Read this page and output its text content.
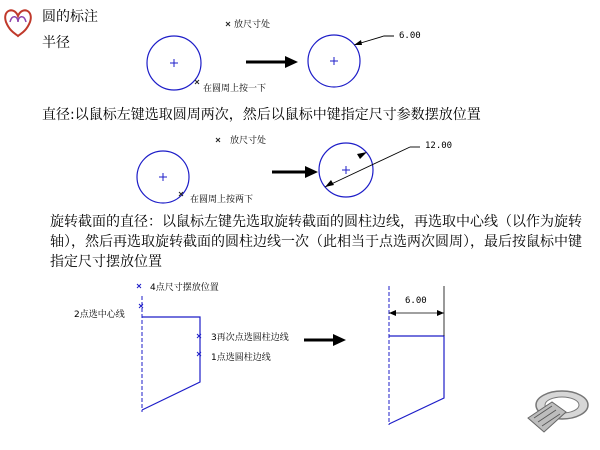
圆的标注
半径
放尺寸处
在圆周上按一下
6.00
直径:以鼠标左键选取圆周两次，然后以鼠标中键指定尺寸参数摆放位置
放尺寸处
在圆周上按两下
12.00
旋转截面的直径：以鼠标左键先选取旋转截面的圆柱边线，再选取中心线（以作为旋转轴），然后再选取旋转截面的圆柱边线一次（此相当于点选两次圆周），最后按鼠标中键指定尺寸摆放位置
4点尺寸摆放位置
2点选中心线
3再次点选圆柱边线
1点选圆柱边线
6.00
